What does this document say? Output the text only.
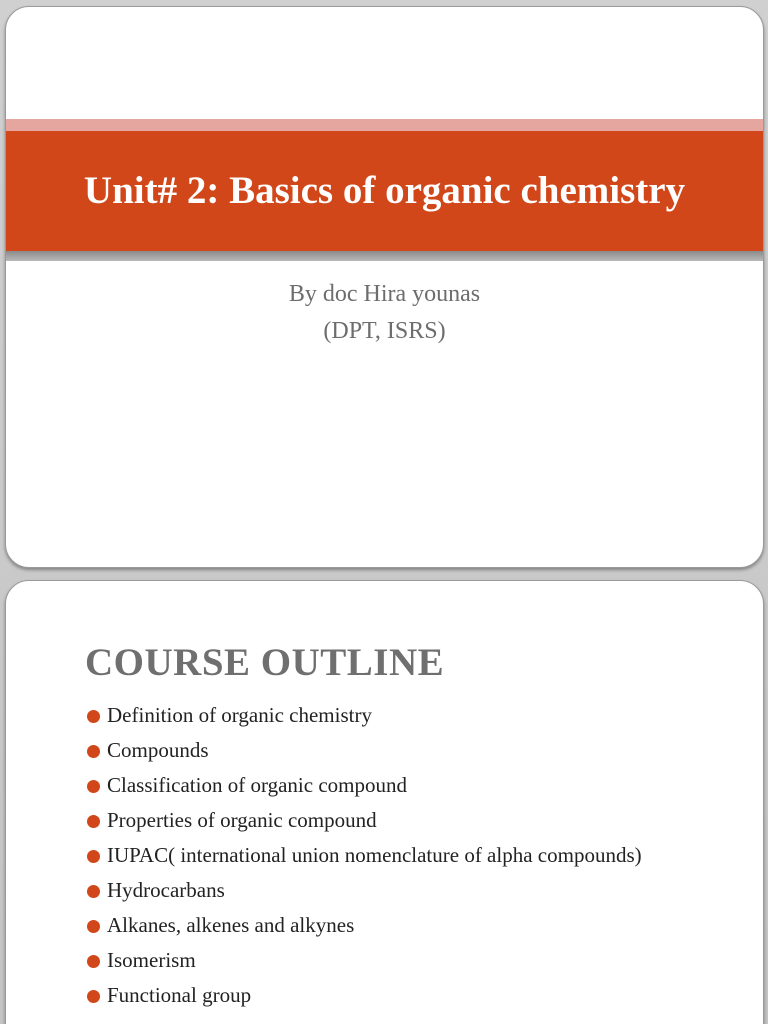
Unit# 2: Basics of organic chemistry

By doc Hira younas

(DPT, ISRS)

COURSE OUTLINE
Definition of organic chemistry
Compounds
Classification of organic compound
Properties of organic compound
IUPAC( international union nomenclature of alpha compounds)
Hydrocarbans
Alkanes, alkenes and alkynes
Isomerism
Functional group
